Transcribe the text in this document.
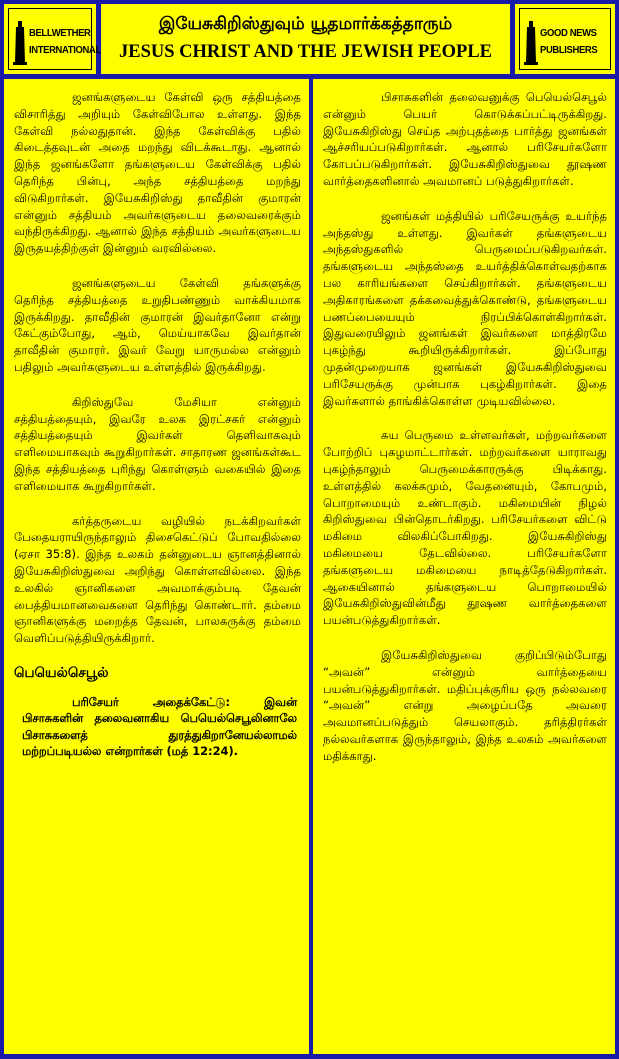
BELLWETHER
INTERNATIONAL
இயேசுகிறிஸ்துவும் யூதமார்க்கத்தாரும்
JESUS CHRIST AND THE JEWISH PEOPLE
GOOD NEWS
PUBLISHERS

ஜனங்களுடைய கேள்வி ஒரு சத்தியத்தை விசாரித்து அறியும் கேள்விபோல உள்ளது. இந்த கேள்வி நல்லதுதான். இந்த கேள்விக்கு பதில் கிடைத்தவுடன் அதை மறந்து விடக்கூடாது. ஆனால் இந்த ஜனங்களோ தங்களுடைய கேள்விக்கு பதில் தெரிந்த பின்பு, அந்த சத்தியத்தை மறந்து விடுகிறார்கள். இயேசுகிறிஸ்து தாவீதின் குமாரன் என்னும் சத்தியம் அவர்களுடைய தலைவரைக்கும் வந்திருக்கிறது. ஆனால் இந்த சத்தியம் அவர்களுடைய இருதயத்திற்குள் இன்னும் வரவில்லை.

ஜனங்களுடைய கேள்வி தங்களுக்கு தெரிந்த சத்தியத்தை உறுதிபண்ணும் வாக்கியமாக இருக்கிறது. தாவீதின் குமாரன் இவர்தானோ என்று கேட்கும்போது, ஆம், மெய்யாகவே இவர்தான் தாவீதின் குமாரர். இவர் வேறு யாருமல்ல என்னும் பதிலும் அவர்களுடைய உள்ளத்தில் இருக்கிறது.

கிறிஸ்துவே மேசியா என்னும் சத்தியத்தையும், இவரே உலக இரட்சகர் என்னும் சத்தியத்தையும் இவர்கள் தெளிவாகவும் எளிமையாகவும் கூறுகிறார்கள். சாதாரண ஜனங்கள்கூட இந்த சத்தியத்தை புரிந்து கொள்ளும் வகையில் இதை எளிமையாக கூறுகிறார்கள்.

கர்த்தருடைய வழியில் நடக்கிறவர்கள் பேதையராயிருந்தாலும் திசைகெட்டுப் போவதில்லை (ஏசா 35:8). இந்த உலகம் தன்னுடைய ஞானத்தினால் இயேசுகிறிஸ்துவை அறிந்து கொள்ளவில்லை. இந்த உலகில் ஞானிகளை அவமாக்கும்படி தேவன் பைத்தியமானவைகளை தெரிந்து கொண்டார். தம்மை ஞானிகளுக்கு மறைத்த தேவன், பாலகருக்கு தம்மை வெளிப்படுத்தியிருக்கிறார்.

பெயெல்செபூல்
பரிசேயர் அதைக்கேட்டு: இவன் பிசாசுகளின் தலைவனாகிய பெயெல்செபூலினாலே பிசாசுகளைத் துரத்துகிறானேயல்லாமல் மற்றப்படியல்ல என்றார்கள் (மத் 12:24).

பிசாசுகளின் தலைவனுக்கு பெயெல்செபூல் என்னும் பெயர் கொடுக்கப்பட்டிருக்கிறது. இயேசுகிறிஸ்து செய்த அற்புதத்தை பார்த்து ஜனங்கள் ஆச்சரியப்படுகிறார்கள். ஆனால் பரிசேயர்களோ கோபப்படுகிறார்கள். இயேசுகிறிஸ்துவை தூஷண வார்த்தைகளினால் அவமானப் படுத்துகிறார்கள்.

ஜனங்கள் மத்தியில் பரிசேயருக்கு உயர்ந்த அந்தஸ்து உள்ளது. இவர்கள் தங்களுடைய அந்தஸ்துகளில் பெருமைப்படுகிறவர்கள். தங்களுடைய அந்தஸ்தை உயர்த்திக்கொள்வதற்காக பல காரியங்களை செய்கிறார்கள். தங்களுடைய அதிகாரங்களை தக்கவைத்துக்கொண்டு, தங்களுடைய பணப்பையையும் நிரப்பிக்கொள்கிறார்கள். இதுவரையிலும் ஜனங்கள் இவர்களை மாத்திரமே புகழ்ந்து கூறியிருக்கிறார்கள். இப்போது முதன்முறையாக ஜனங்கள் இயேசுகிறிஸ்துவை பரிசேயருக்கு முன்பாக புகழ்கிறார்கள். இதை இவர்களால் தாங்கிக்கொள்ள முடியவில்லை.

சுய பெருமை உள்ளவர்கள், மற்றவர்களை போற்றிப் புகழமாட்டார்கள். மற்றவர்களை யாராவது புகழ்ந்தாலும் பெருமைக்காரருக்கு பிடிக்காது. உள்ளத்தில் கலக்கமும், வேதனையும், கோபமும், பொறாமையும் உண்டாகும். மகிமையின் நிழல் கிறிஸ்துவை பின்தொடர்கிறது. பரிசேயர்களை விட்டு மகிமை விலகிப்போகிறது. இயேசுகிறிஸ்து மகிமையை தேடவில்லை. பரிசேயர்களோ தங்களுடைய மகிமையை நாடித்தேடுகிறார்கள். ஆகையினால் தங்களுடைய பொறாமையில் இயேசுகிறிஸ்துவின்மீது தூஷண வார்த்தைகளை பயன்படுத்துகிறார்கள்.

இயேசுகிறிஸ்துவை குறிப்பிடும்போது “அவன்” என்னும் வார்த்தையை பயன்படுத்துகிறார்கள். மதிப்புக்குரிய ஒரு நல்லவரை “அவன்” என்று அழைப்பதே அவரை அவமானப்படுத்தும் செயலாகும். தரித்திரர்கள் நல்லவர்களாக இருந்தாலும், இந்த உலகம் அவர்களை மதிக்காது.
